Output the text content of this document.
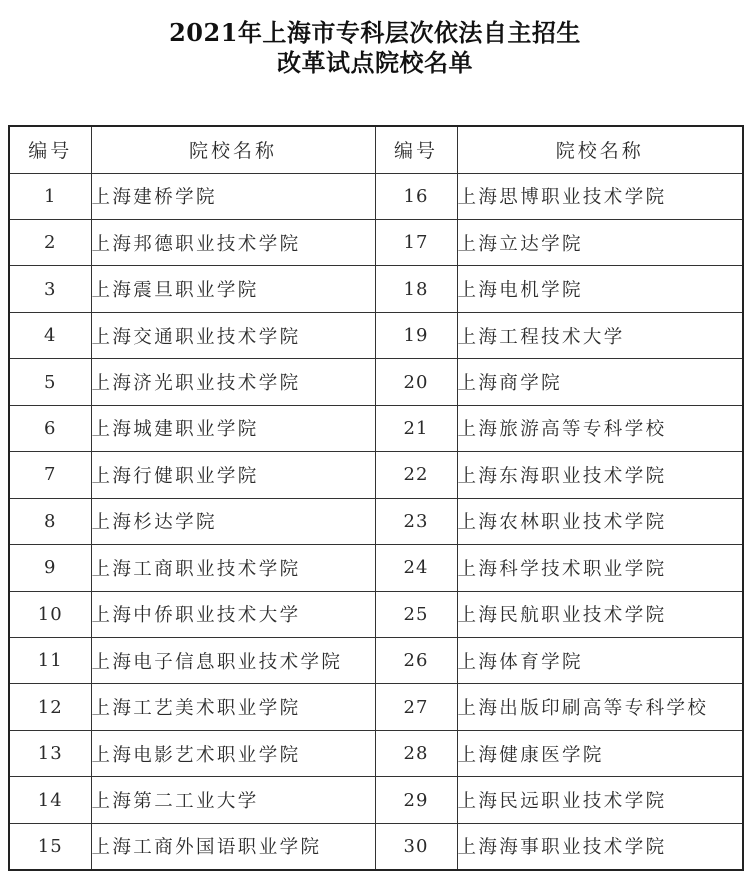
2021年上海市专科层次依法自主招生
改革试点院校名单
编号	院校名称	编号	院校名称
1	上海建桥学院	16	上海思博职业技术学院
2	上海邦德职业技术学院	17	上海立达学院
3	上海震旦职业学院	18	上海电机学院
4	上海交通职业技术学院	19	上海工程技术大学
5	上海济光职业技术学院	20	上海商学院
6	上海城建职业学院	21	上海旅游高等专科学校
7	上海行健职业学院	22	上海东海职业技术学院
8	上海杉达学院	23	上海农林职业技术学院
9	上海工商职业技术学院	24	上海科学技术职业学院
10	上海中侨职业技术大学	25	上海民航职业技术学院
11	上海电子信息职业技术学院	26	上海体育学院
12	上海工艺美术职业学院	27	上海出版印刷高等专科学校
13	上海电影艺术职业学院	28	上海健康医学院
14	上海第二工业大学	29	上海民远职业技术学院
15	上海工商外国语职业学院	30	上海海事职业技术学院
